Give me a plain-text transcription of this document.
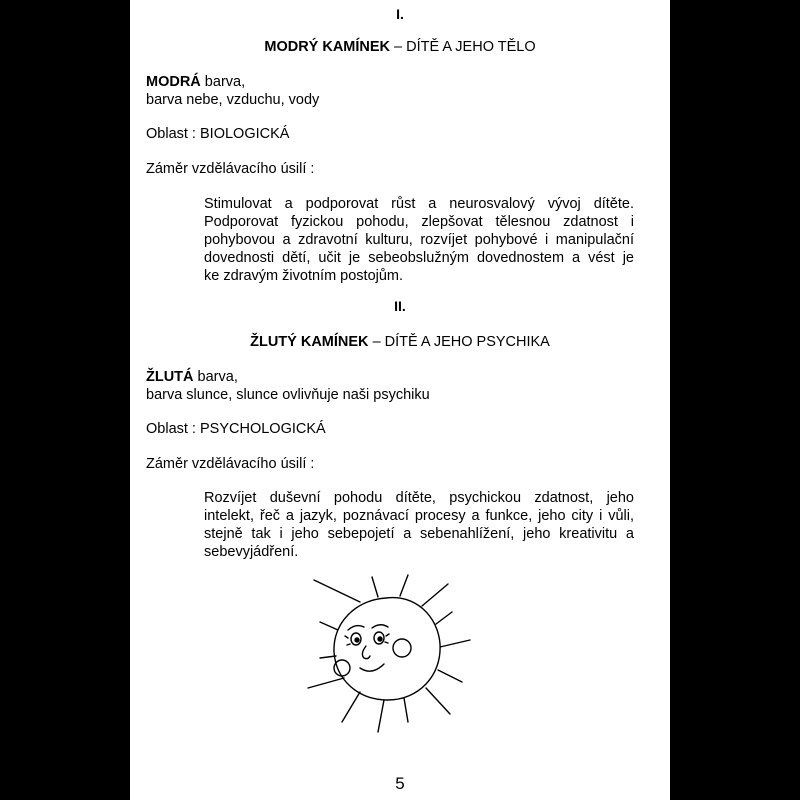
I.
MODRÝ KAMÍNEK – DÍTĚ A JEHO TĚLO
MODRÁ barva,
barva nebe, vzduchu, vody
Oblast : BIOLOGICKÁ
Záměr vzdělávacího úsilí :
Stimulovat a podporovat růst a neurosvalový vývoj dítěte.
Podporovat fyzickou pohodu, zlepšovat tělesnou zdatnost i
pohybovou a zdravotní kulturu, rozvíjet pohybové i manipulační
dovednosti dětí, učit je sebeobslužným dovednostem a vést je
ke zdravým životním postojům.
II.
ŽLUTÝ KAMÍNEK – DÍTĚ A JEHO PSYCHIKA
ŽLUTÁ barva,
barva slunce, slunce ovlivňuje naši psychiku
Oblast : PSYCHOLOGICKÁ
Záměr vzdělávacího úsilí :
Rozvíjet duševní pohodu dítěte, psychickou zdatnost, jeho
intelekt, řeč a jazyk, poznávací procesy a funkce, jeho city i vůli,
stejně tak i jeho sebepojetí a sebenahlížení, jeho kreativitu a
sebevyjádření.
5
